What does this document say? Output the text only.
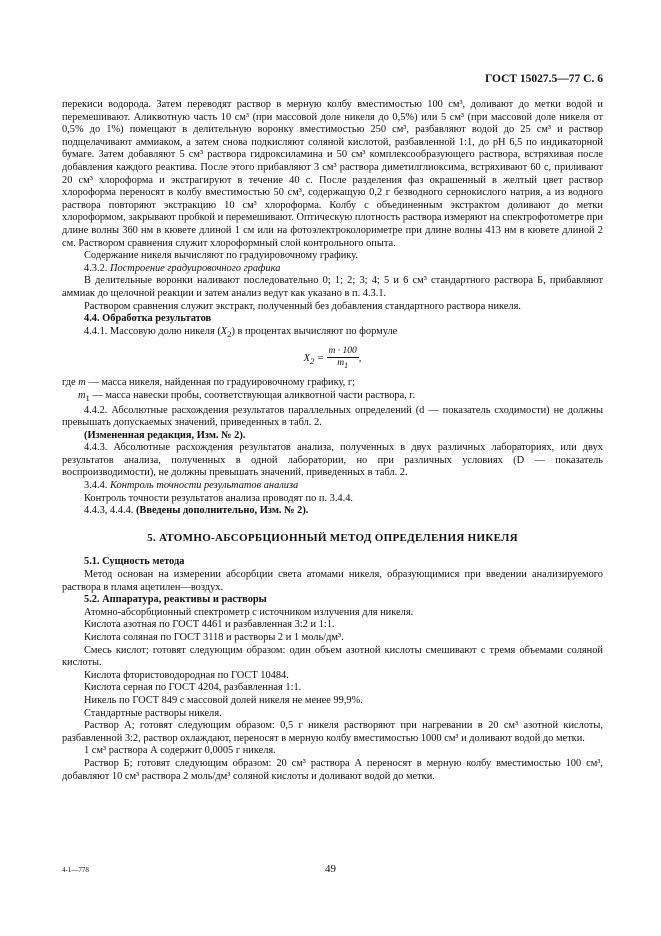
ГОСТ 15027.5—77 С. 6

перекиси водорода. Затем переводят раствор в мерную колбу вместимостью 100 см³, доливают до метки водой и перемешивают. Аликвотную часть 10 см³ (при массовой доле никеля до 0,5%) или 5 см³ (при массовой доле никеля от 0,5% до 1%) помещают в делительную воронку вместимостью 250 см³, разбавляют водой до 25 см³ и раствор подщелачивают аммиаком, а затем снова подкисляют соляной кислотой, разбавленной 1:1, до pH 6,5 по индикаторной бумаге. Затем добавляют 5 см³ раствора гидроксиламина и 50 см³ комплексообразующего раствора, встряхивая после добавления каждого реактива. После этого прибавляют 3 см³ раствора диметилглиоксима, встряхивают 60 с, приливают 20 см³ хлороформа и экстрагируют в течение 40 с. После разделения фаз окрашенный в желтый цвет раствор хлороформа переносят в колбу вместимостью 50 см³, содержащую 0,2 г безводного сернокислого натрия, а из водного раствора повторяют экстракцию 10 см³ хлороформа. Колбу с объединенным экстрактом доливают до метки хлороформом, закрывают пробкой и перемешивают. Оптическую плотность раствора измеряют на спектрофотометре при длине волны 360 нм в кювете длиной 1 см или на фотоэлектроколориметре при длине волны 413 нм в кювете длиной 2 см. Раствором сравнения служит хлороформный слой контрольного опыта.

Содержание никеля вычисляют по градуировочному графику.

4.3.2. Построение градуировочного графика

В делительные воронки наливают последовательно 0; 1; 2; 3; 4; 5 и 6 см³ стандартного раствора Б, прибавляют аммиак до щелочной реакции и затем анализ ведут как указано в п. 4.3.1.

Раствором сравнения служит экстракт, полученный без добавления стандартного раствора никеля.

4.4. Обработка результатов

4.4.1. Массовую долю никеля $(X_2)$ в процентах вычисляют по формуле

$X_2 = \frac{m \cdot 100}{m_1}$ ,

где m — масса никеля, найденная по градуировочному графику, г;

$m_1$ — масса навески пробы, соответствующая аликвотной части раствора, г.

4.4.2. Абсолютные расхождения результатов параллельных определений (d — показатель сходимости) не должны превышать допускаемых значений, приведенных в табл. 2.

(Измененная редакция, Изм. № 2).

4.4.3. Абсолютные расхождения результатов анализа, полученных в двух различных лабораториях, или двух результатов анализа, полученных в одной лаборатории, но при различных условиях (D — показатель воспроизводимости), не должны превышать значений, приведенных в табл. 2.

3.4.4. Контроль точности результатов анализа

Контроль точности результатов анализа проводят по п. 3.4.4.

4.4.3, 4.4.4. (Введены дополнительно, Изм. № 2).

5. АТОМНО-АБСОРБЦИОННЫЙ МЕТОД ОПРЕДЕЛЕНИЯ НИКЕЛЯ

5.1. Сущность метода

Метод основан на измерении абсорбции света атомами никеля, образующимися при введении анализируемого раствора в пламя ацетилен—воздух.

5.2. Аппаратура, реактивы и растворы

Атомно-абсорбционный спектрометр с источником излучения для никеля.

Кислота азотная по ГОСТ 4461 и разбавленная 3:2 и 1:1.

Кислота соляная по ГОСТ 3118 и растворы 2 и 1 моль/дм³.

Смесь кислот; готовят следующим образом: один объем азотной кислоты смешивают с тремя объемами соляной кислоты.

Кислота фтористоводородная по ГОСТ 10484.

Кислота серная по ГОСТ 4204, разбавленная 1:1.

Никель по ГОСТ 849 с массовой долей никеля не менее 99,9%.

Стандартные растворы никеля.

Раствор А; готовят следующим образом: 0,5 г никеля растворяют при нагревании в 20 см³ азотной кислоты, разбавленной 3:2, раствор охлаждают, переносят в мерную колбу вместимостью 1000 см³ и доливают водой до метки.

1 см³ раствора А содержит 0,0005 г никеля.

Раствор Б; готовят следующим образом: 20 см³ раствора А переносят в мерную колбу вместимостью 100 см³, добавляют 10 см³ раствора 2 моль/дм³ соляной кислоты и доливают водой до метки.

4-1—778	49
